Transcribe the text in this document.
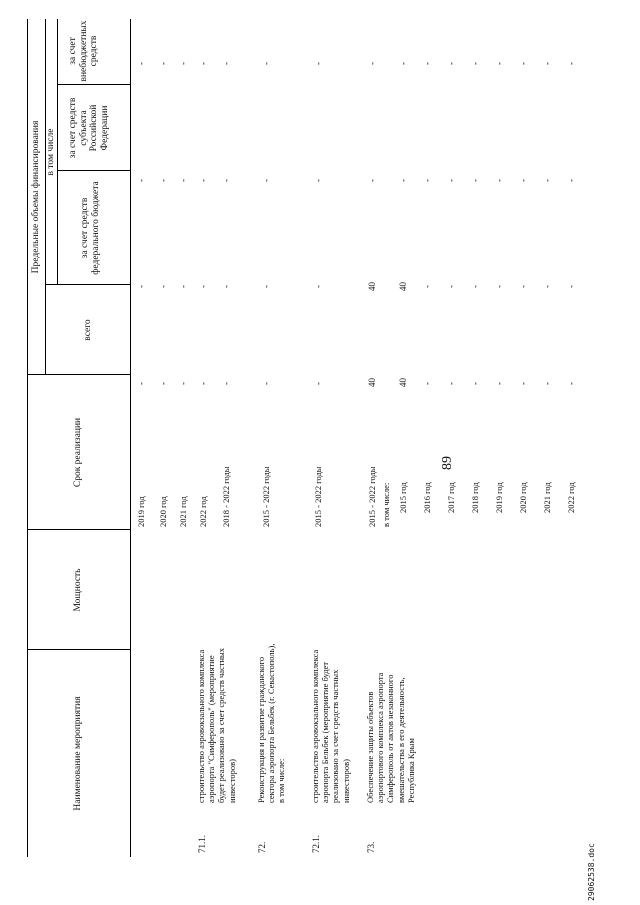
89
29062538.doc
Наименование мероприятия
Мощность
Срок реализации
Предельные объемы финансирования в том числе
всего
за счет средств федерального бюджета
за счет средств субъекта Российской Федерации
за счет внебюджетных средств
2019 год 2020 год 2021 год 2022 год
- - - -
- - - -
- - - -
- - - -
71.1.
строительство аэровокзального комплекса аэропорта "Симферополь" (мероприятие будет реализовано за счет средств частных инвесторов)
2018 - 2022 годы
-
-
-
-
72.
Реконструкция и развитие гражданского сектора аэропорта Бельбек (г. Севастополь), в том числе:
2015 - 2022 годы
-
-
-
-
72.1.
строительство аэровокзального комплекса аэропорта Бельбек (мероприятие будет реализовано за счет средств частных инвесторов)
2015 - 2022 годы
-
-
-
-
73.
Обеспечение защиты объектов аэропортового комплекса аэропорта Симферополь от актов незаконного вмешательства в его деятельность, Республика Крым
2015 - 2022 годы
40
40
-
-
в том числе: 2015 год 2016 год 2017 год 2018 год 2019 год 2020 год 2021 год 2022 год
40 - - - - - - -
40 - - - - - - -
- - - - - - - -
- - - - - - - -
